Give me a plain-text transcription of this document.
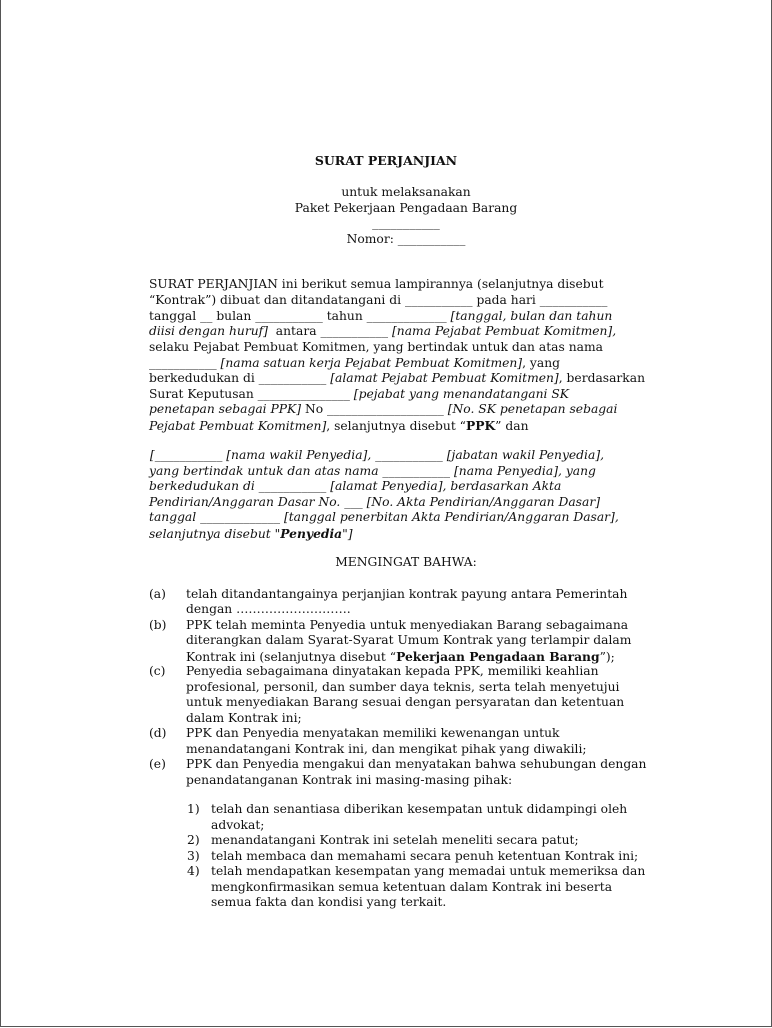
SURAT PERJANJIAN
untuk melaksanakan
Paket Pekerjaan Pengadaan Barang
___________
Nomor: ___________
SURAT PERJANJIAN ini berikut semua lampirannya (selanjutnya disebut
“Kontrak”) dibuat dan ditandatangani di ___________ pada hari ___________
tanggal __ bulan ___________ tahun _____________ [tanggal, bulan dan tahun
diisi dengan huruf]  antara ___________ [nama Pejabat Pembuat Komitmen],
selaku Pejabat Pembuat Komitmen, yang bertindak untuk dan atas nama
___________ [nama satuan kerja Pejabat Pembuat Komitmen], yang
berkedudukan di ___________ [alamat Pejabat Pembuat Komitmen], berdasarkan
Surat Keputusan _______________ [pejabat yang menandatangani SK
penetapan sebagai PPK] No ___________________ [No. SK penetapan sebagai
Pejabat Pembuat Komitmen], selanjutnya disebut “PPK” dan
[___________ [nama wakil Penyedia], ___________ [jabatan wakil Penyedia],
yang bertindak untuk dan atas nama ___________ [nama Penyedia], yang
berkedudukan di ___________ [alamat Penyedia], berdasarkan Akta
Pendirian/Anggaran Dasar No. ___ [No. Akta Pendirian/Anggaran Dasar]
tanggal _____________ [tanggal penerbitan Akta Pendirian/Anggaran Dasar],
selanjutnya disebut "Penyedia"]
MENGINGAT BAHWA:
(a) telah ditandantangainya perjanjian kontrak payung antara Pemerintah
dengan ……………………….
(b) PPK telah meminta Penyedia untuk menyediakan Barang sebagaimana
diterangkan dalam Syarat-Syarat Umum Kontrak yang terlampir dalam
Kontrak ini (selanjutnya disebut “Pekerjaan Pengadaan Barang”);
(c) Penyedia sebagaimana dinyatakan kepada PPK, memiliki keahlian
profesional, personil, dan sumber daya teknis, serta telah menyetujui
untuk menyediakan Barang sesuai dengan persyaratan dan ketentuan
dalam Kontrak ini;
(d) PPK dan Penyedia menyatakan memiliki kewenangan untuk
menandatangani Kontrak ini, dan mengikat pihak yang diwakili;
(e) PPK dan Penyedia mengakui dan menyatakan bahwa sehubungan dengan
penandatanganan Kontrak ini masing-masing pihak:
1) telah dan senantiasa diberikan kesempatan untuk didampingi oleh
advokat;
2) menandatangani Kontrak ini setelah meneliti secara patut;
3) telah membaca dan memahami secara penuh ketentuan Kontrak ini;
4) telah mendapatkan kesempatan yang memadai untuk memeriksa dan
mengkonfirmasikan semua ketentuan dalam Kontrak ini beserta
semua fakta dan kondisi yang terkait.
